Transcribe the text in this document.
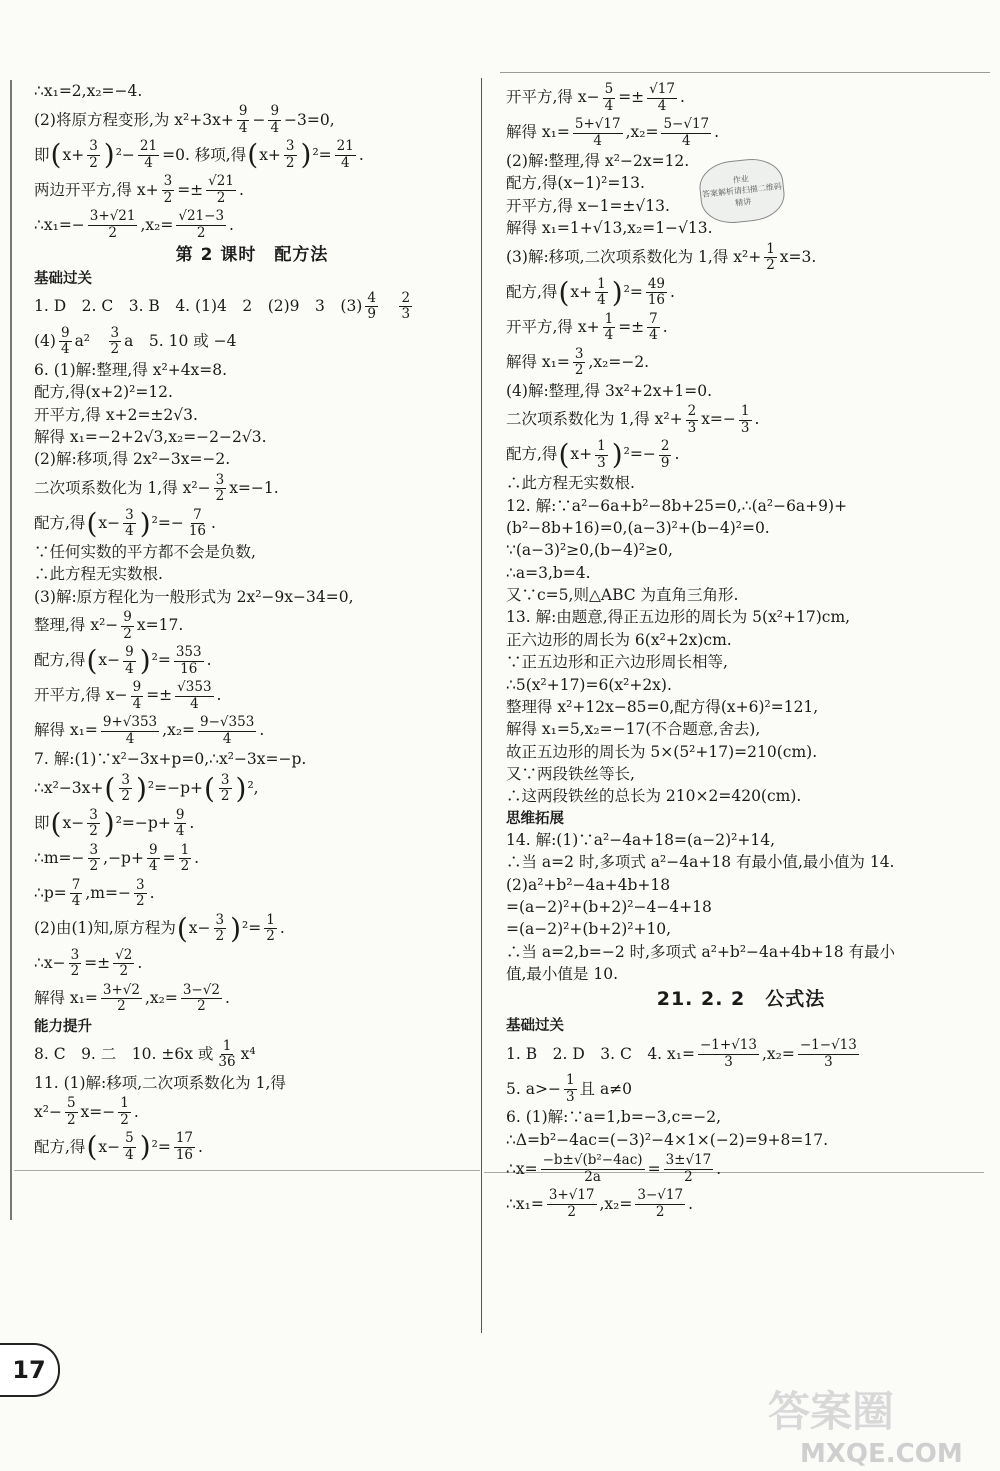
∴x₁=2,x₂=−4.
(2)将原方程变形,为 $x^2+3x+ \frac{9}{4} - \frac{9}{4} -3=0$,
即 ( $x+ \frac{3}{2}$ ) $^2- \frac{21}{4} =0$. 移项,得 ( $x+ \frac{3}{2}$ ) $^2= \frac{21}{4}$ .
两边开平方,得 $x+ \frac{3}{2} =\pm \frac{√21}{2}$ .
∴x₁=− $\frac{3+√21}{2} ,x_2= \frac{√21-3}{2}$ .
第 2 课时　配方法
基础过关
1. D　2. C　3. B　4. (1)4　2　(2)9　3　$(3) \frac{4}{9}$
　 $\frac{2}{3}$
$(4) \frac{9}{4} a^2$　 $\frac{3}{2}$ a　5. 10 或 −4
6. (1)解:整理,得 x²+4x=8.
配方,得(x+2)²=12.
开平方,得 x+2=±2√3.
解得 x₁=−2+2√3,x₂=−2−2√3.
(2)解:移项,得 2x²−3x=−2.
二次项系数化为 1,得 $x^2- \frac{3}{2} x=-1$.
配方,得 ( $x- \frac{3}{4}$ ) $^2=- \frac{7}{16}$ .
∵任何实数的平方都不会是负数,
∴此方程无实数根.
(3)解:原方程化为一般形式为 2x²−9x−34=0,
整理,得 $x^2- \frac{9}{2} x=17$.
配方,得 ( $x- \frac{9}{4}$ ) $^2= \frac{353}{16}$ .
开平方,得 $x- \frac{9}{4} =\pm \frac{√353}{4}$ .
解得 $x_1= \frac{9+√353}{4} ,x_2= \frac{9-√353}{4}$ .
7. 解:(1)∵x²−3x+p=0,∴x²−3x=−p.
∴x²−3x+ ( $\frac{3}{2}$ ) ²=−p+ ( $\frac{3}{2}$ ) ²,
即 ( $x- \frac{3}{2}$ ) $^2=-p+ \frac{9}{4}$ .
∴m=− $\frac{3}{2} ,-p+ \frac{9}{4} = \frac{1}{2}$ .
∴p= $\frac{7}{4} ,m=- \frac{3}{2}$ .
(2)由(1)知,原方程为 ( $x- \frac{3}{2}$ ) $^2= \frac{1}{2}$ .
∴x− $\frac{3}{2} =\pm \frac{√2}{2}$ .
解得 $x_1= \frac{3+√2}{2} ,x_2= \frac{3-√2}{2}$ .
能力提升
8. C　9. 二　10. ±6x 或 $\frac{1}{36} x^4$
11. (1)解:移项,二次项系数化为 1,得
$x^2- \frac{5}{2} x=- \frac{1}{2}$ .
配方,得 ( $x- \frac{5}{4}$ ) $^2= \frac{17}{16}$ .
开平方,得 $x- \frac{5}{4} =\pm \frac{√17}{4}$ .
解得 $x_1= \frac{5+√17}{4} ,x_2= \frac{5-√17}{4}$ .
(2)解:整理,得 x²−2x=12.
配方,得(x−1)²=13.
开平方,得 x−1=±√13.
解得 x₁=1+√13,x₂=1−√13.
(3)解:移项,二次项系数化为 1,得 $x^2+ \frac{1}{2} x=3$.
配方,得 ( $x+ \frac{1}{4}$ ) $^2= \frac{49}{16}$ .
开平方,得 $x+ \frac{1}{4} =\pm \frac{7}{4}$ .
解得 $x_1= \frac{3}{2} ,x_2=-2$.
(4)解:整理,得 3x²+2x+1=0.
二次项系数化为 1,得 $x^2+ \frac{2}{3} x=- \frac{1}{3}$ .
配方,得 ( $x+ \frac{1}{3}$ ) $^2=- \frac{2}{9}$ .
∴此方程无实数根.
12. 解:∵a²−6a+b²−8b+25=0,∴(a²−6a+9)+
(b²−8b+16)=0,(a−3)²+(b−4)²=0.
∵(a−3)²≥0,(b−4)²≥0,
∴a=3,b=4.
又∵c=5,则△ABC 为直角三角形.
13. 解:由题意,得正五边形的周长为 5(x²+17)cm,
正六边形的周长为 6(x²+2x)cm.
∵正五边形和正六边形周长相等,
∴5(x²+17)=6(x²+2x).
整理得 x²+12x−85=0,配方得(x+6)²=121,
解得 x₁=5,x₂=−17(不合题意,舍去),
故正五边形的周长为 5×(5²+17)=210(cm).
又∵两段铁丝等长,
∴这两段铁丝的总长为 210×2=420(cm).
思维拓展
14. 解:(1)∵a²−4a+18=(a−2)²+14,
∴当 a=2 时,多项式 a²−4a+18 有最小值,最小值为 14.
(2)a²+b²−4a+4b+18
=(a−2)²+(b+2)²−4−4+18
=(a−2)²+(b+2)²+10,
∴当 a=2,b=−2 时,多项式 a²+b²−4a+4b+18 有最小
值,最小值是 10.
21. 2. 2　公式法
基础过关
1. B　2. D　3. C　4. $x_1= \frac{-1+√13}{3} ,x_2= \frac{-1-√13}{3}$
5. $a>- \frac{1}{3}$ 且 a≠0
6. (1)解:∵a=1,b=−3,c=−2,
∴Δ=b²−4ac=(−3)²−4×1×(−2)=9+8=17.
∴x= $\frac{\text{−b±√(b²−4ac)}}{2a} = \frac{3\pm√17}{2}$ .
∴x₁= $\frac{3+√17}{2} ,x_2= \frac{3-√17}{2}$ .
作业
答案解析请扫描二维码
精讲
17
答案圈
MXQE.COM
